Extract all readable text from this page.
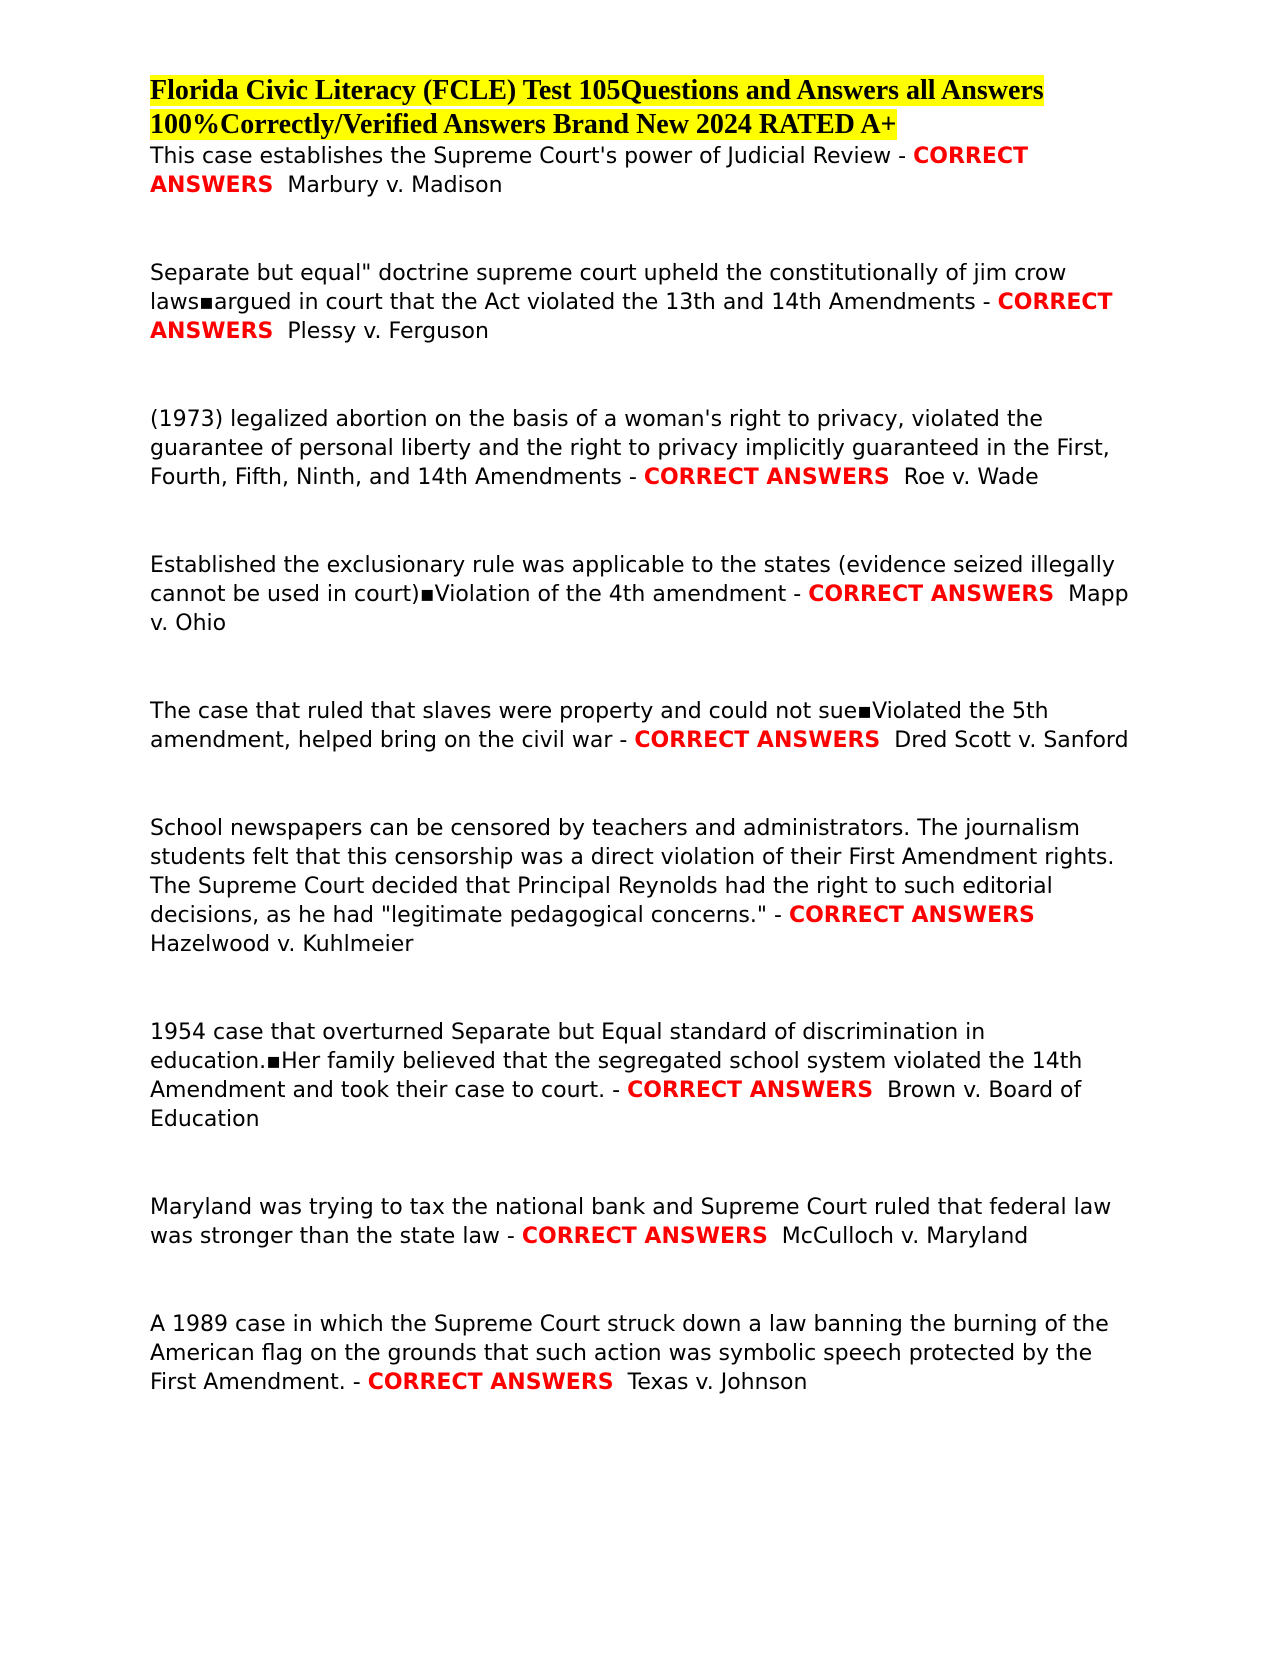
Florida Civic Literacy (FCLE) Test 105Questions and Answers all Answers 100%Correctly/Verified Answers Brand New 2024 RATED A+

This case establishes the Supreme Court's power of Judicial Review - CORRECT ANSWERS Marbury v. Madison

Separate but equal" doctrine supreme court upheld the constitutionally of jim crow laws▪argued in court that the Act violated the 13th and 14th Amendments - CORRECT ANSWERS Plessy v. Ferguson

(1973) legalized abortion on the basis of a woman's right to privacy, violated the guarantee of personal liberty and the right to privacy implicitly guaranteed in the First, Fourth, Fifth, Ninth, and 14th Amendments - CORRECT ANSWERS Roe v. Wade

Established the exclusionary rule was applicable to the states (evidence seized illegally cannot be used in court)▪Violation of the 4th amendment - CORRECT ANSWERS Mapp v. Ohio

The case that ruled that slaves were property and could not sue▪Violated the 5th amendment, helped bring on the civil war - CORRECT ANSWERS Dred Scott v. Sanford

School newspapers can be censored by teachers and administrators. The journalism students felt that this censorship was a direct violation of their First Amendment rights. The Supreme Court decided that Principal Reynolds had the right to such editorial decisions, as he had "legitimate pedagogical concerns." - CORRECT ANSWERS  Hazelwood v. Kuhlmeier

1954 case that overturned Separate but Equal standard of discrimination in education.▪Her family believed that the segregated school system violated the 14th Amendment and took their case to court. - CORRECT ANSWERS Brown v. Board of Education

Maryland was trying to tax the national bank and Supreme Court ruled that federal law was stronger than the state law - CORRECT ANSWERS McCulloch v. Maryland

A 1989 case in which the Supreme Court struck down a law banning the burning of the American flag on the grounds that such action was symbolic speech protected by the First Amendment. - CORRECT ANSWERS Texas v. Johnson
